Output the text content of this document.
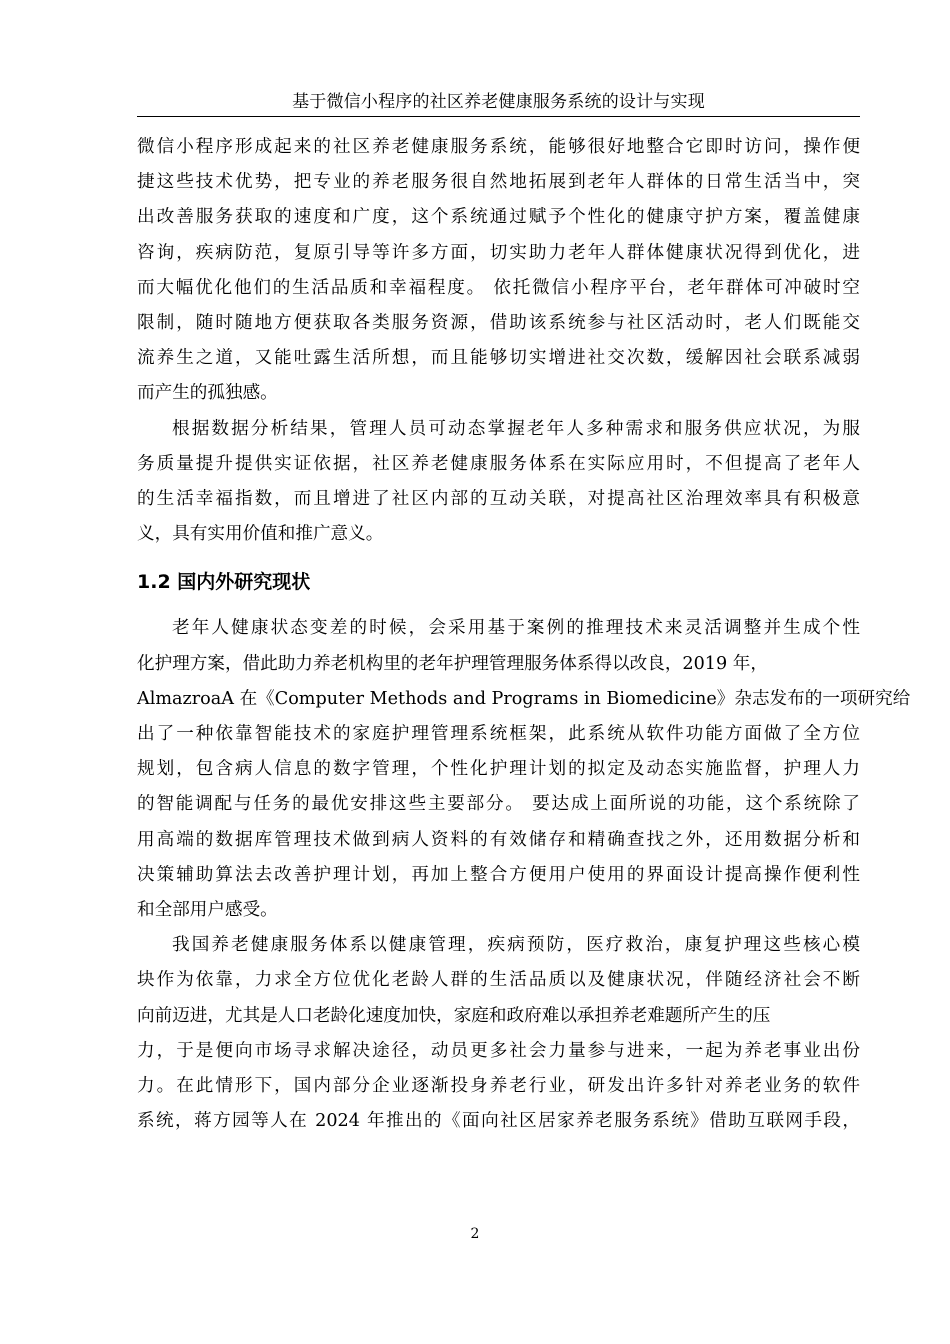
基于微信小程序的社区养老健康服务系统的设计与实现

微信小程序形成起来的社区养老健康服务系统，能够很好地整合它即时访问，操作便
捷这些技术优势，把专业的养老服务很自然地拓展到老年人群体的日常生活当中，突
出改善服务获取的速度和广度，这个系统通过赋予个性化的健康守护方案，覆盖健康
咨询，疾病防范，复原引导等许多方面，切实助力老年人群体健康状况得到优化，进
而大幅优化他们的生活品质和幸福程度。 依托微信小程序平台，老年群体可冲破时空
限制，随时随地方便获取各类服务资源，借助该系统参与社区活动时，老人们既能交
流养生之道，又能吐露生活所想，而且能够切实增进社交次数，缓解因社会联系减弱
而产生的孤独感。

根据数据分析结果，管理人员可动态掌握老年人多种需求和服务供应状况，为服
务质量提升提供实证依据，社区养老健康服务体系在实际应用时，不但提高了老年人
的生活幸福指数，而且增进了社区内部的互动关联，对提高社区治理效率具有积极意
义，具有实用价值和推广意义。

1.2 国内外研究现状

老年人健康状态变差的时候，会采用基于案例的推理技术来灵活调整并生成个性
化护理方案，借此助力养老机构里的老年护理管理服务体系得以改良，2019 年，
AlmazroaA 在《Computer Methods and Programs in Biomedicine》杂志发布的一项研究给
出了一种依靠智能技术的家庭护理管理系统框架，此系统从软件功能方面做了全方位
规划，包含病人信息的数字管理，个性化护理计划的拟定及动态实施监督，护理人力
的智能调配与任务的最优安排这些主要部分。 要达成上面所说的功能，这个系统除了
用高端的数据库管理技术做到病人资料的有效储存和精确查找之外，还用数据分析和
决策辅助算法去改善护理计划，再加上整合方便用户使用的界面设计提高操作便利性
和全部用户感受。

我国养老健康服务体系以健康管理，疾病预防，医疗救治，康复护理这些核心模
块作为依靠，力求全方位优化老龄人群的生活品质以及健康状况，伴随经济社会不断
向前迈进，尤其是人口老龄化速度加快，家庭和政府难以承担养老难题所产生的压
力，于是便向市场寻求解决途径，动员更多社会力量参与进来，一起为养老事业出份
力。在此情形下，国内部分企业逐渐投身养老行业，研发出许多针对养老业务的软件
系统，蒋方园等人在 2024 年推出的《面向社区居家养老服务系统》借助互联网手段，

2
